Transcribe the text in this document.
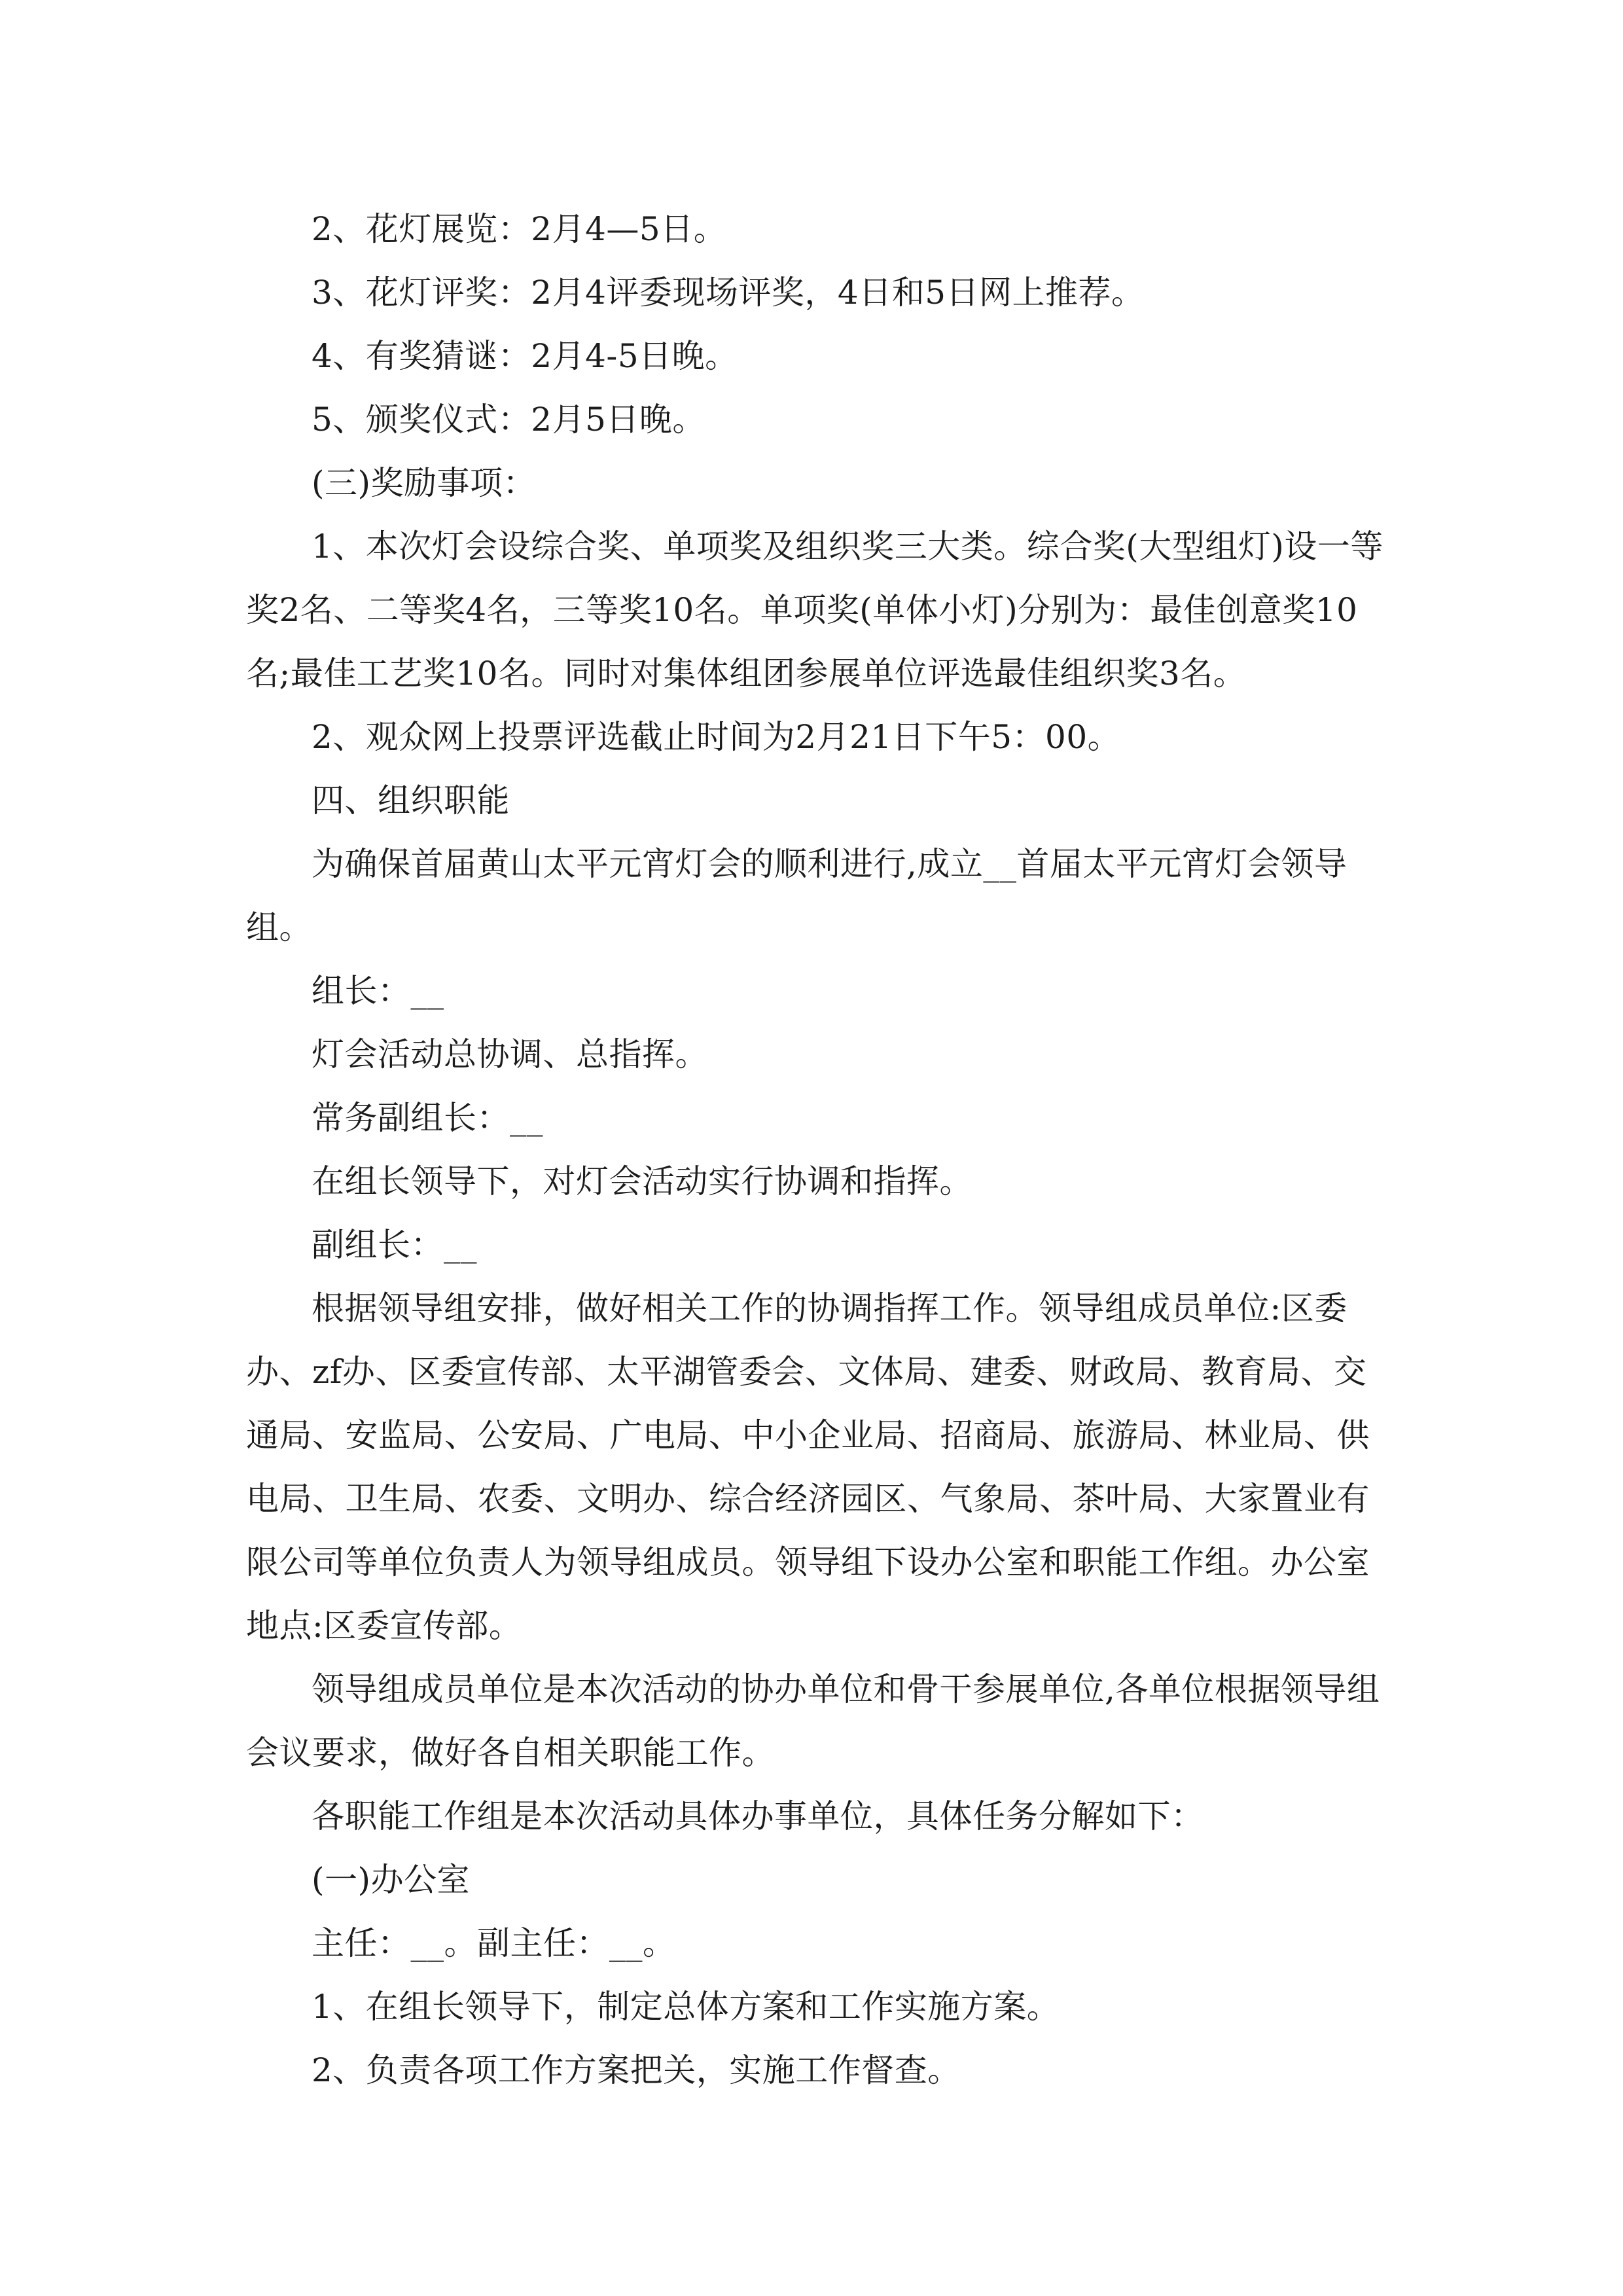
2、花灯展览：2月4—5日。

3、花灯评奖：2月4评委现场评奖，4日和5日网上推荐。

4、有奖猜谜：2月4-5日晚。

5、颁奖仪式：2月5日晚。

(三)奖励事项：

1、本次灯会设综合奖、单项奖及组织奖三大类。综合奖(大型组灯)设一等奖2名、二等奖4名，三等奖10名。单项奖(单体小灯)分别为：最佳创意奖10名;最佳工艺奖10名。同时对集体组团参展单位评选最佳组织奖3名。

2、观众网上投票评选截止时间为2月21日下午5：00。

四、组织职能

为确保首届黄山太平元宵灯会的顺利进行,成立__首届太平元宵灯会领导组。

组长：__

灯会活动总协调、总指挥。

常务副组长：__

在组长领导下，对灯会活动实行协调和指挥。

副组长：__

根据领导组安排，做好相关工作的协调指挥工作。领导组成员单位:区委办、zf办、区委宣传部、太平湖管委会、文体局、建委、财政局、教育局、交通局、安监局、公安局、广电局、中小企业局、招商局、旅游局、林业局、供电局、卫生局、农委、文明办、综合经济园区、气象局、茶叶局、大家置业有限公司等单位负责人为领导组成员。领导组下设办公室和职能工作组。办公室地点:区委宣传部。

领导组成员单位是本次活动的协办单位和骨干参展单位,各单位根据领导组会议要求，做好各自相关职能工作。

各职能工作组是本次活动具体办事单位，具体任务分解如下：

(一)办公室

主任：__。副主任：__。

1、在组长领导下，制定总体方案和工作实施方案。

2、负责各项工作方案把关，实施工作督查。
